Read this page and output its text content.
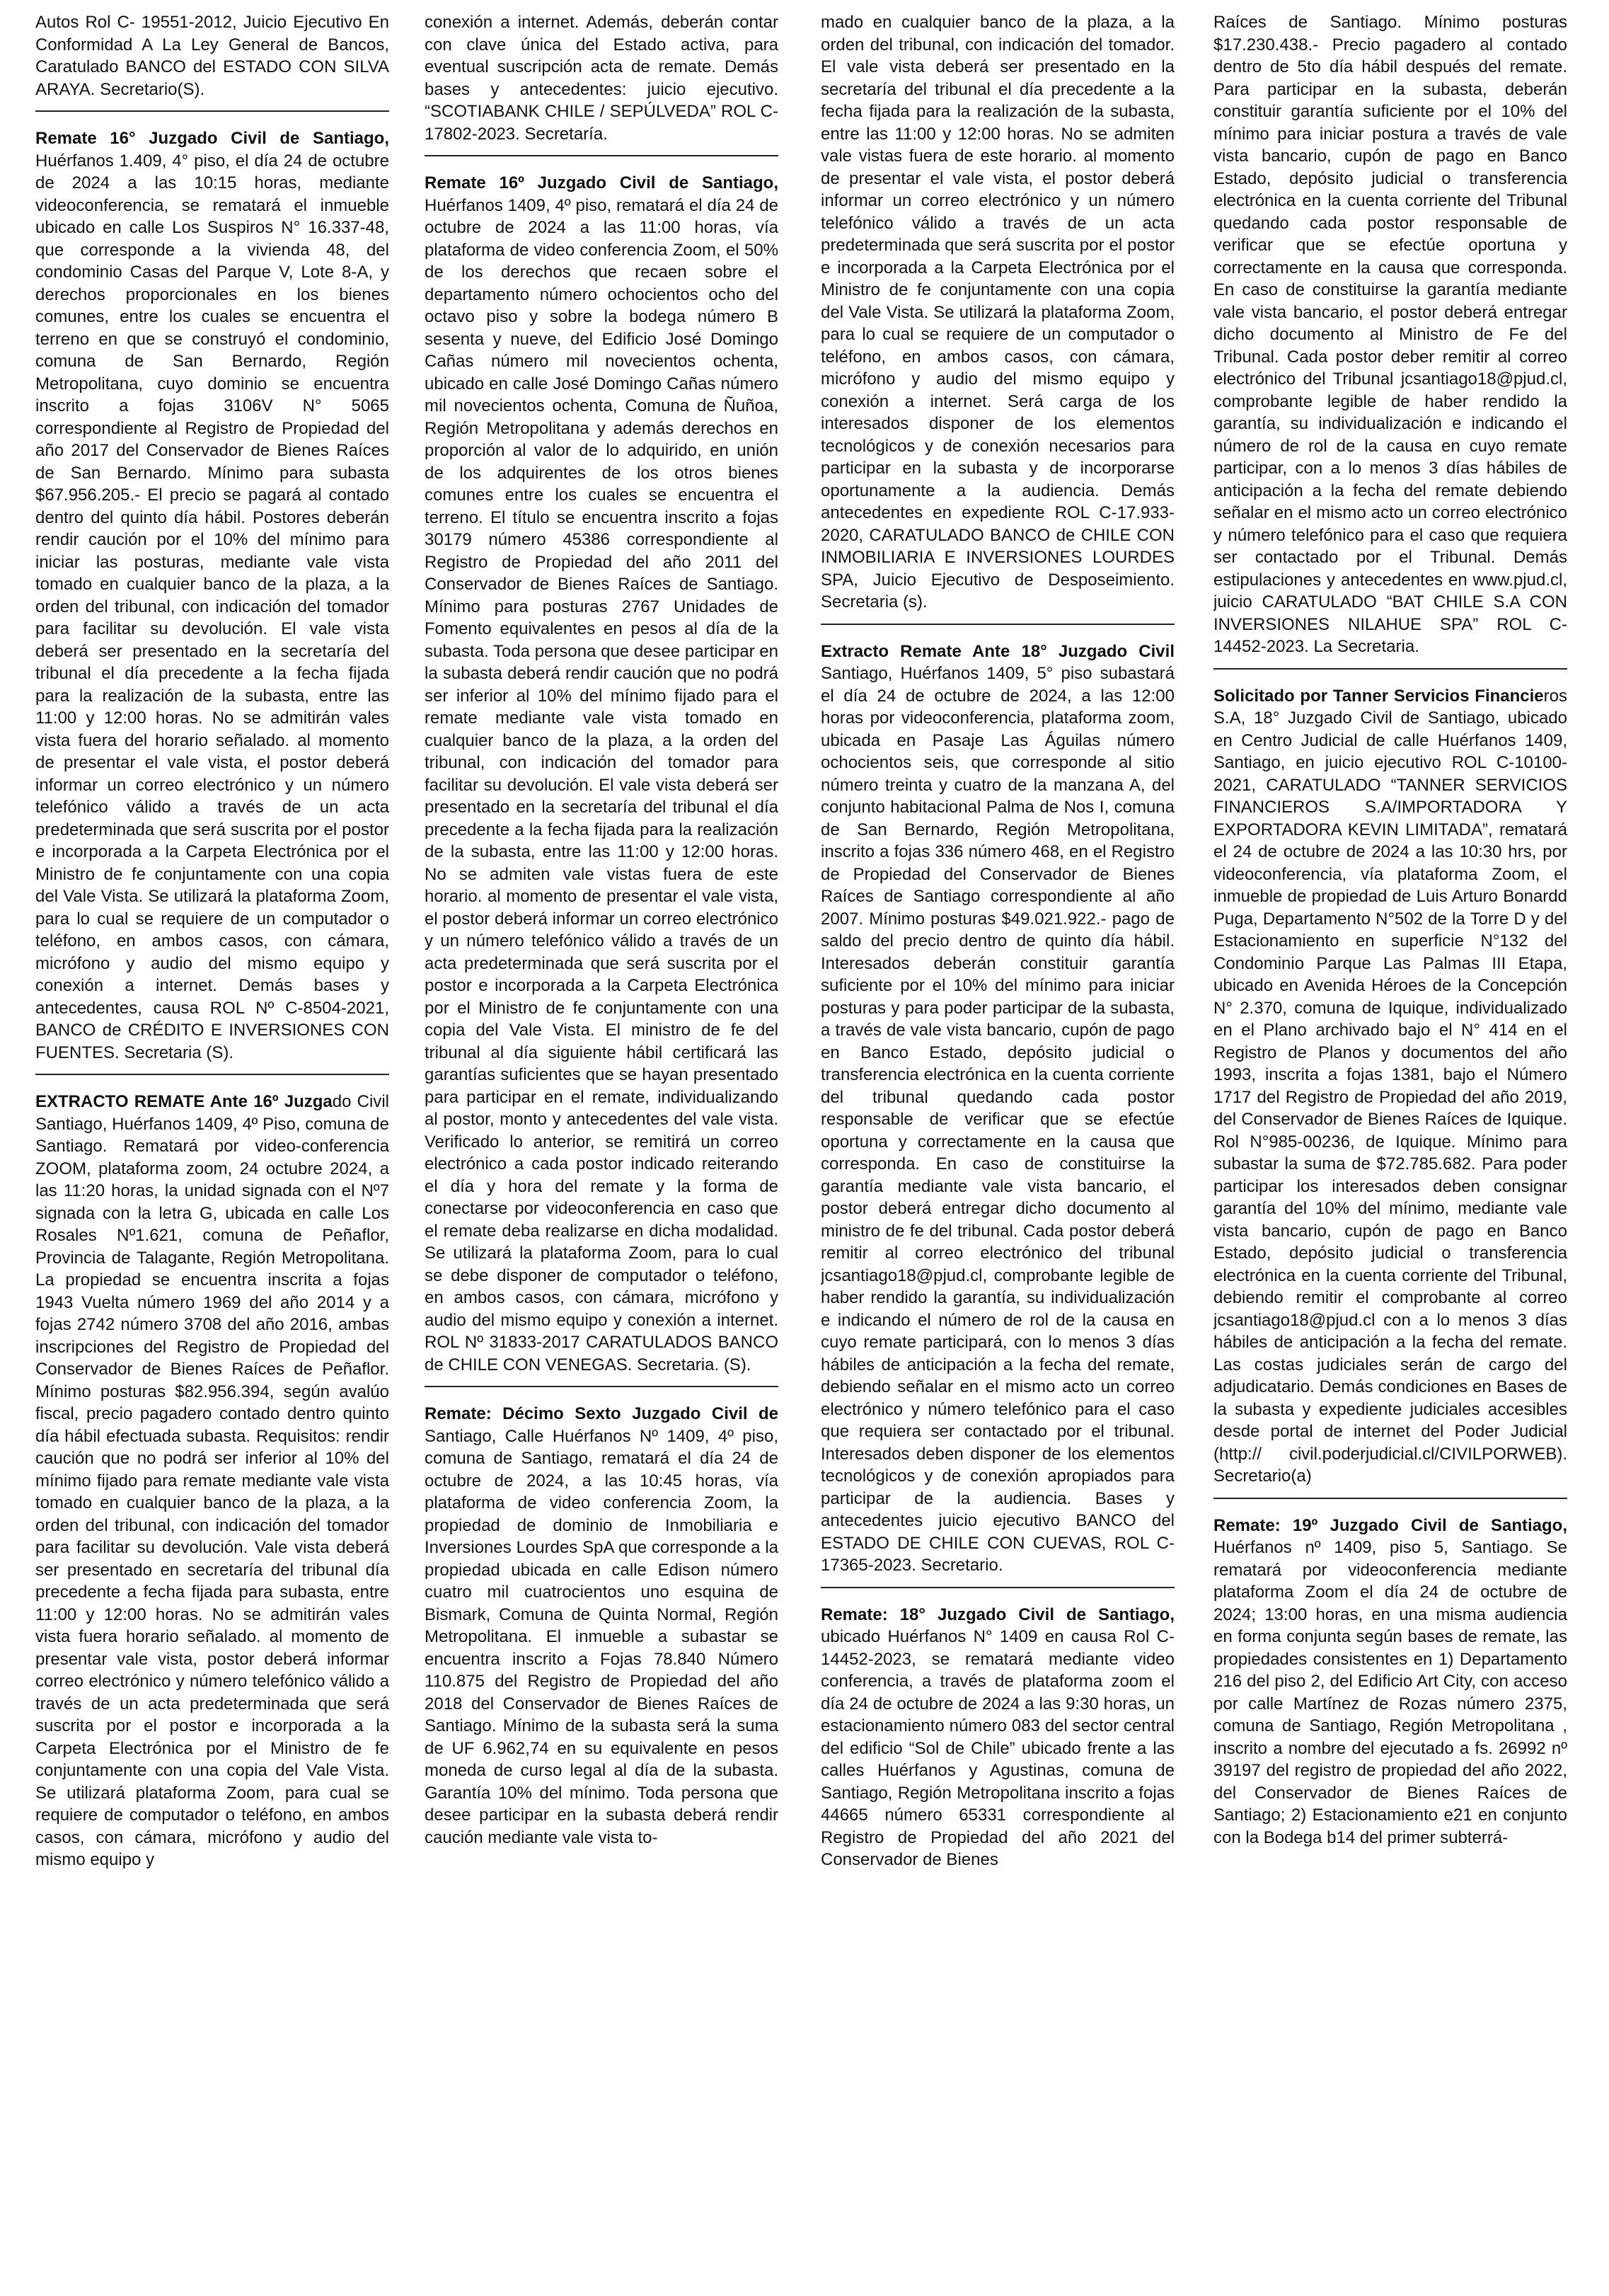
Autos Rol C- 19551-2012, Juicio Ejecutivo En Conformidad A La Ley General de Bancos, Caratulado BANCO del ESTADO CON SILVA ARAYA. Secretario(S).

Remate 16° Juzgado Civil de Santiago, Huérfanos 1.409, 4° piso, el día 24 de octubre de 2024 a las 10:15 horas, mediante videoconferencia, se rematará el inmueble ubicado en calle Los Suspiros N° 16.337-48, que corresponde a la vivienda 48, del condominio Casas del Parque V, Lote 8-A, y derechos proporcionales en los bienes comunes, entre los cuales se encuentra el terreno en que se construyó el condominio, comuna de San Bernardo, Región Metropolitana, cuyo dominio se encuentra inscrito a fojas 3106V N° 5065 correspondiente al Registro de Propiedad del año 2017 del Conservador de Bienes Raíces de San Bernardo. Mínimo para subasta $67.956.205.- El precio se pagará al contado dentro del quinto día hábil. Postores deberán rendir caución por el 10% del mínimo para iniciar las posturas, mediante vale vista tomado en cualquier banco de la plaza, a la orden del tribunal, con indicación del tomador para facilitar su devolución. El vale vista deberá ser presentado en la secretaría del tribunal el día precedente a la fecha fijada para la realización de la subasta, entre las 11:00 y 12:00 horas. No se admitirán vales vista fuera del horario señalado. al momento de presentar el vale vista, el postor deberá informar un correo electrónico y un número telefónico válido a través de un acta predeterminada que será suscrita por el postor e incorporada a la Carpeta Electrónica por el Ministro de fe conjuntamente con una copia del Vale Vista. Se utilizará la plataforma Zoom, para lo cual se requiere de un computador o teléfono, en ambos casos, con cámara, micrófono y audio del mismo equipo y conexión a internet. Demás bases y antecedentes, causa ROL Nº C-8504-2021, BANCO de CRÉDITO E INVERSIONES CON FUENTES. Secretaria (S).

EXTRACTO REMATE Ante 16º Juzgado Civil Santiago, Huérfanos 1409, 4º Piso, comuna de Santiago. Rematará por video-conferencia ZOOM, plataforma zoom, 24 octubre 2024, a las 11:20 horas, la unidad signada con el Nº7 signada con la letra G, ubicada en calle Los Rosales Nº1.621, comuna de Peñaflor, Provincia de Talagante, Región Metropolitana. La propiedad se encuentra inscrita a fojas 1943 Vuelta número 1969 del año 2014 y a fojas 2742 número 3708 del año 2016, ambas inscripciones del Registro de Propiedad del Conservador de Bienes Raíces de Peñaflor. Mínimo posturas $82.956.394, según avalúo fiscal, precio pagadero contado dentro quinto día hábil efectuada subasta. Requisitos: rendir caución que no podrá ser inferior al 10% del mínimo fijado para remate mediante vale vista tomado en cualquier banco de la plaza, a la orden del tribunal, con indicación del tomador para facilitar su devolución. Vale vista deberá ser presentado en secretaría del tribunal día precedente a fecha fijada para subasta, entre 11:00 y 12:00 horas. No se admitirán vales vista fuera horario señalado. al momento de presentar vale vista, postor deberá informar correo electrónico y número telefónico válido a través de un acta predeterminada que será suscrita por el postor e incorporada a la Carpeta Electrónica por el Ministro de fe conjuntamente con una copia del Vale Vista. Se utilizará plataforma Zoom, para cual se requiere de computador o teléfono, en ambos casos, con cámara, micrófono y audio del mismo equipo y

conexión a internet. Además, deberán contar con clave única del Estado activa, para eventual suscripción acta de remate. Demás bases y antecedentes: juicio ejecutivo. “SCOTIABANK CHILE / SEPÚLVEDA” ROL C-17802-2023. Secretaría.

Remate 16º Juzgado Civil de Santiago, Huérfanos 1409, 4º piso, rematará el día 24 de octubre de 2024 a las 11:00 horas, vía plataforma de video conferencia Zoom, el 50% de los derechos que recaen sobre el departamento número ochocientos ocho del octavo piso y sobre la bodega número B sesenta y nueve, del Edificio José Domingo Cañas número mil novecientos ochenta, ubicado en calle José Domingo Cañas número mil novecientos ochenta, Comuna de Ñuñoa, Región Metropolitana y además derechos en proporción al valor de lo adquirido, en unión de los adquirentes de los otros bienes comunes entre los cuales se encuentra el terreno. El título se encuentra inscrito a fojas 30179 número 45386 correspondiente al Registro de Propiedad del año 2011 del Conservador de Bienes Raíces de Santiago. Mínimo para posturas 2767 Unidades de Fomento equivalentes en pesos al día de la subasta. Toda persona que desee participar en la subasta deberá rendir caución que no podrá ser inferior al 10% del mínimo fijado para el remate mediante vale vista tomado en cualquier banco de la plaza, a la orden del tribunal, con indicación del tomador para facilitar su devolución. El vale vista deberá ser presentado en la secretaría del tribunal el día precedente a la fecha fijada para la realización de la subasta, entre las 11:00 y 12:00 horas. No se admiten vale vistas fuera de este horario. al momento de presentar el vale vista, el postor deberá informar un correo electrónico y un número telefónico válido a través de un acta predeterminada que será suscrita por el postor e incorporada a la Carpeta Electrónica por el Ministro de fe conjuntamente con una copia del Vale Vista. El ministro de fe del tribunal al día siguiente hábil certificará las garantías suficientes que se hayan presentado para participar en el remate, individualizando al postor, monto y antecedentes del vale vista. Verificado lo anterior, se remitirá un correo electrónico a cada postor indicado reiterando el día y hora del remate y la forma de conectarse por videoconferencia en caso que el remate deba realizarse en dicha modalidad. Se utilizará la plataforma Zoom, para lo cual se debe disponer de computador o teléfono, en ambos casos, con cámara, micrófono y audio del mismo equipo y conexión a internet. ROL Nº 31833-2017 CARATULADOS BANCO de CHILE CON VENEGAS. Secretaria. (S).

Remate: Décimo Sexto Juzgado Civil de Santiago, Calle Huérfanos Nº 1409, 4º piso, comuna de Santiago, rematará el día 24 de octubre de 2024, a las 10:45 horas, vía plataforma de video conferencia Zoom, la propiedad de dominio de Inmobiliaria e Inversiones Lourdes SpA que corresponde a la propiedad ubicada en calle Edison número cuatro mil cuatrocientos uno esquina de Bismark, Comuna de Quinta Normal, Región Metropolitana. El inmueble a subastar se encuentra inscrito a Fojas 78.840 Número 110.875 del Registro de Propiedad del año 2018 del Conservador de Bienes Raíces de Santiago. Mínimo de la subasta será la suma de UF 6.962,74 en su equivalente en pesos moneda de curso legal al día de la subasta. Garantía 10% del mínimo. Toda persona que desee participar en la subasta deberá rendir caución mediante vale vista to-

mado en cualquier banco de la plaza, a la orden del tribunal, con indicación del tomador. El vale vista deberá ser presentado en la secretaría del tribunal el día precedente a la fecha fijada para la realización de la subasta, entre las 11:00 y 12:00 horas. No se admiten vale vistas fuera de este horario. al momento de presentar el vale vista, el postor deberá informar un correo electrónico y un número telefónico válido a través de un acta predeterminada que será suscrita por el postor e incorporada a la Carpeta Electrónica por el Ministro de fe conjuntamente con una copia del Vale Vista. Se utilizará la plataforma Zoom, para lo cual se requiere de un computador o teléfono, en ambos casos, con cámara, micrófono y audio del mismo equipo y conexión a internet. Será carga de los interesados disponer de los elementos tecnológicos y de conexión necesarios para participar en la subasta y de incorporarse oportunamente a la audiencia. Demás antecedentes en expediente ROL C-17.933-2020, CARATULADO BANCO de CHILE CON INMOBILIARIA E INVERSIONES LOURDES SPA, Juicio Ejecutivo de Desposeimiento. Secretaria (s).

Extracto Remate Ante 18° Juzgado Civil Santiago, Huérfanos 1409, 5° piso subastará el día 24 de octubre de 2024, a las 12:00 horas por videoconferencia, plataforma zoom, ubicada en Pasaje Las Águilas número ochocientos seis, que corresponde al sitio número treinta y cuatro de la manzana A, del conjunto habitacional Palma de Nos I, comuna de San Bernardo, Región Metropolitana, inscrito a fojas 336 número 468, en el Registro de Propiedad del Conservador de Bienes Raíces de Santiago correspondiente al año 2007. Mínimo posturas $49.021.922.- pago de saldo del precio dentro de quinto día hábil. Interesados deberán constituir garantía suficiente por el 10% del mínimo para iniciar posturas y para poder participar de la subasta, a través de vale vista bancario, cupón de pago en Banco Estado, depósito judicial o transferencia electrónica en la cuenta corriente del tribunal quedando cada postor responsable de verificar que se efectúe oportuna y correctamente en la causa que corresponda. En caso de constituirse la garantía mediante vale vista bancario, el postor deberá entregar dicho documento al ministro de fe del tribunal. Cada postor deberá remitir al correo electrónico del tribunal jcsantiago18@pjud.cl, comprobante legible de haber rendido la garantía, su individualización e indicando el número de rol de la causa en cuyo remate participará, con lo menos 3 días hábiles de anticipación a la fecha del remate, debiendo señalar en el mismo acto un correo electrónico y número telefónico para el caso que requiera ser contactado por el tribunal. Interesados deben disponer de los elementos tecnológicos y de conexión apropiados para participar de la audiencia. Bases y antecedentes juicio ejecutivo BANCO del ESTADO DE CHILE CON CUEVAS, ROL C-17365-2023. Secretario.

Remate: 18° Juzgado Civil de Santiago, ubicado Huérfanos N° 1409 en causa Rol C-14452-2023, se rematará mediante video conferencia, a través de plataforma zoom el día 24 de octubre de 2024 a las 9:30 horas, un estacionamiento número 083 del sector central del edificio “Sol de Chile” ubicado frente a las calles Huérfanos y Agustinas, comuna de Santiago, Región Metropolitana inscrito a fojas 44665 número 65331 correspondiente al Registro de Propiedad del año 2021 del Conservador de Bienes

Raíces de Santiago. Mínimo posturas $17.230.438.- Precio pagadero al contado dentro de 5to día hábil después del remate. Para participar en la subasta, deberán constituir garantía suficiente por el 10% del mínimo para iniciar postura a través de vale vista bancario, cupón de pago en Banco Estado, depósito judicial o transferencia electrónica en la cuenta corriente del Tribunal quedando cada postor responsable de verificar que se efectúe oportuna y correctamente en la causa que corresponda. En caso de constituirse la garantía mediante vale vista bancario, el postor deberá entregar dicho documento al Ministro de Fe del Tribunal. Cada postor deber remitir al correo electrónico del Tribunal jcsantiago18@pjud.cl, comprobante legible de haber rendido la garantía, su individualización e indicando el número de rol de la causa en cuyo remate participar, con a lo menos 3 días hábiles de anticipación a la fecha del remate debiendo señalar en el mismo acto un correo electrónico y número telefónico para el caso que requiera ser contactado por el Tribunal. Demás estipulaciones y antecedentes en www.pjud.cl, juicio CARATULADO “BAT CHILE S.A CON INVERSIONES NILAHUE SPA” ROL C- 14452-2023. La Secretaria.

Solicitado por Tanner Servicios Financieros S.A, 18° Juzgado Civil de Santiago, ubicado en Centro Judicial de calle Huérfanos 1409, Santiago, en juicio ejecutivo ROL C-10100-2021, CARATULADO “TANNER SERVICIOS FINANCIEROS S.A/IMPORTADORA Y EXPORTADORA KEVIN LIMITADA”, rematará el 24 de octubre de 2024 a las 10:30 hrs, por videoconferencia, vía plataforma Zoom, el inmueble de propiedad de Luis Arturo Bonardd Puga, Departamento N°502 de la Torre D y del Estacionamiento en superficie N°132 del Condominio Parque Las Palmas III Etapa, ubicado en Avenida Héroes de la Concepción N° 2.370, comuna de Iquique, individualizado en el Plano archivado bajo el N° 414 en el Registro de Planos y documentos del año 1993, inscrita a fojas 1381, bajo el Número 1717 del Registro de Propiedad del año 2019, del Conservador de Bienes Raíces de Iquique. Rol N°985-00236, de Iquique. Mínimo para subastar la suma de $72.785.682. Para poder participar los interesados deben consignar garantía del 10% del mínimo, mediante vale vista bancario, cupón de pago en Banco Estado, depósito judicial o transferencia electrónica en la cuenta corriente del Tribunal, debiendo remitir el comprobante al correo jcsantiago18@pjud.cl con a lo menos 3 días hábiles de anticipación a la fecha del remate. Las costas judiciales serán de cargo del adjudicatario. Demás condiciones en Bases de la subasta y expediente judiciales accesibles desde portal de internet del Poder Judicial (http:// civil.poderjudicial.cl/CIVILPORWEB). Secretario(a)

Remate: 19º Juzgado Civil de Santiago, Huérfanos nº 1409, piso 5, Santiago. Se rematará por videoconferencia mediante plataforma Zoom el día 24 de octubre de 2024; 13:00 horas, en una misma audiencia en forma conjunta según bases de remate, las propiedades consistentes en 1) Departamento 216 del piso 2, del Edificio Art City, con acceso por calle Martínez de Rozas número 2375, comuna de Santiago, Región Metropolitana , inscrito a nombre del ejecutado a fs. 26992 nº 39197 del registro de propiedad del año 2022, del Conservador de Bienes Raíces de Santiago; 2) Estacionamiento e21 en conjunto con la Bodega b14 del primer subterrá-
